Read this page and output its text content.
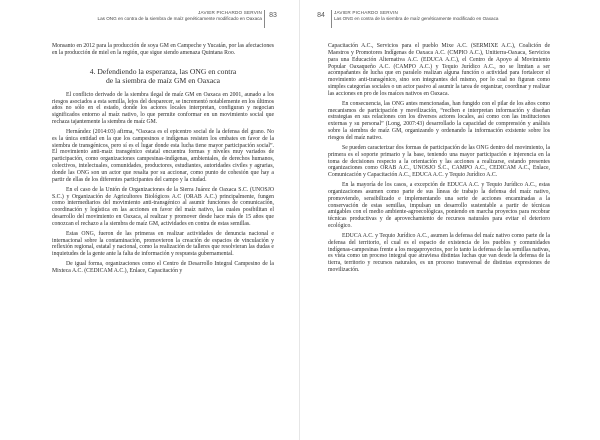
JAVIER PICHARDO SERVIN
Las ONG en contra de la siembra de maíz genéticamente modificado en Oaxaca	83

Monsanto en 2012 para la producción de soya GM en Campeche y Yucatán, por las afectaciones en la producción de miel en la región, que sigue siendo amenaza Quintana Roo.

4. Defendiendo la esperanza, las ONG en contra
de la siembra de maíz GM en Oaxaca

El conflicto derivado de la siembra ilegal de maíz GM en Oaxaca en 2001, aunado a los riesgos asociados a esta semilla, lejos del desparecer, se incrementó notablemente en los últimos años no sólo en el estado, donde los actores locales interpretan, configuran y negocian significados entorno al maíz nativo, lo que permite conformar en un movimiento social que rechaza tajantemente la siembra de maíz GM.

Hernández (2014:03) afirma, “Oaxaca es el epicentro social de la defensa del grano. No es la única entidad en la que los campesinos e indígenas resisten los embates en favor de la siembra de transgénicos, pero sí es el lugar donde esta lucha tiene mayor participación social”. El movimiento anti-maíz transgénico estatal encuentra formas y niveles muy variados de participación, como organizaciones campesinas-indígenas, ambientales, de derechos humanos, colectivos, intelectuales, comunidades, productores, estudiantes, autoridades civiles y agrarias, donde las ONG son un actor que resalta por su accionar, como punto de cohesión que hay a partir de ellas de los diferentes participantes del campo y la ciudad.

En el caso de la Unión de Organizaciones de la Sierra Juárez de Oaxaca S.C. (UNOSJO S.C.) y Organización de Agricultores Biológicos A.C (ORAB A.C.) principalmente, fungen como intermediarios del movimiento anti-transgénico al asumir funciones de comunicación, coordinación y logística en las acciones en favor del maíz nativo, las cuales posibilitan el desarrollo del movimiento en Oaxaca, al realizar y promover desde hace más de 15 años que conozcan el rechazo a la siembra de maíz GM, actividades en contra de estas semillas.

Estas ONG, fueron de las primeras en realizar actividades de denuncia nacional e internacional sobre la contaminación, promovieron la creación de espacios de vinculación y reflexión regional, estatal y nacional, como la realización de talleres que resolvieran las dudas e inquietudes de la gente ante la falta de información y respuesta gubernamental.

De igual forma, organizaciones como el Centro de Desarrollo Integral Campesino de la Mixteca A.C. (CEDICAM A.C.), Enlace, Capacitación y

84	JAVIER PICHARDO SERVIN
Las ONG en contra de la siembra de maíz genéticamente modificado en Oaxaca

Capacitación A.C., Servicios para el pueblo Mixe A.C. (SERMIXE A.C.), Coalición de Maestros y Promotores Indígenas de Oaxaca A.C. (CMPIO A.C.), Unitierra-Oaxaca, Servicios para una Educación Alternativa A.C. (EDUCA A.C.), el Centro de Apoyo al Movimiento Popular Oaxaqueño A.C. (CAMPO A.C.) y Tequio Jurídico A.C., no se limitan a ser acompañantes de lucha que en paralelo realizan alguna función o actividad para fortalecer el movimiento anti-transgénico, sino son integrantes del mismo, por lo cual no figuran como simples categorías sociales o un actor pasivo al asumir la tarea de organizar, coordinar y realizar las acciones en pro de los maíces nativos en Oaxaca.

En consecuencia, las ONG antes mencionadas, han fungido con el pilar de los años como mecanismos de participación y movilización, “reciben e interpretan información y diseñan estrategias en sus relaciones con los diversos actores locales, así como con las instituciones externas y su personal” (Long, 2007:43) desarrollado la capacidad de comprensión y análisis sobre la siembra de maíz GM, organizando y ordenando la información existente sobre los riesgos del maíz nativo.

Se pueden caracterizar dos formas de participación de las ONG dentro del movimiento, la primera es el soporte primario y la base, teniendo una mayor participación e injerencia en la toma de decisiones respecto a la orientación y las acciones a realizarse, estando presentes organizaciones como ORAB A.C., UNOSJO S.C., CAMPO A.C., CEDICAM A.C., Enlace, Comunicación y Capacitación A.C., EDUCA A.C. y Tequio Jurídico A.C.

En la mayoría de los casos, a excepción de EDUCA A.C. y Tequio Jurídico A.C., estas organizaciones asumen como parte de sus líneas de trabajo la defensa del maíz nativo, promoviendo, sensibilizado e implementando una serie de acciones encaminadas a la conservación de estas semillas, impulsan un desarrollo sustentable a partir de técnicas amigables con el medio ambiente-agroecológicas, poniendo en marcha proyectos para recobrar técnicas productivas y de aprovechamiento de recursos naturales para evitar el deterioro ecológico.

EDUCA A.C. y Tequio Jurídico A.C., asumen la defensa del maíz nativo como parte de la defensa del territorio, el cual es el espacio de existencia de los pueblos y comunidades indígenas-campesinas frente a los megaproyectos, por lo tanto la defensa de las semillas nativas, es vista como un proceso integral que atraviesa distintas luchas que van desde la defensa de la tierra, territorio y recursos naturales, es un proceso transversal de distintas expresiones de movilización.
